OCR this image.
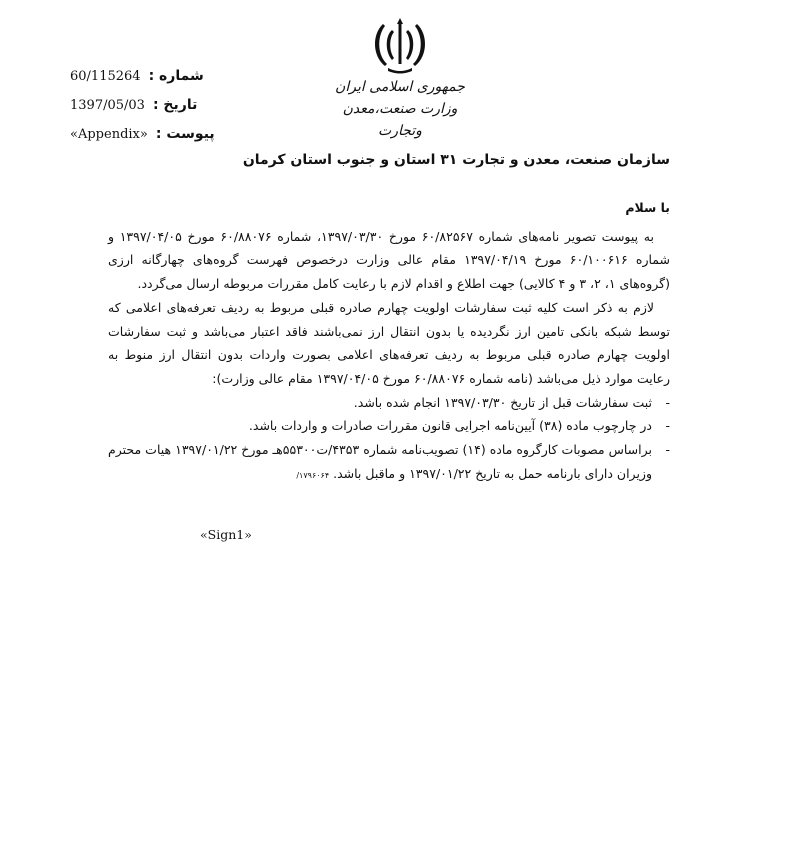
شماره :
60/115264
تاریخ :
1397/05/03
پیوست :
«Appendix»
جمهوری اسلامی ایران
وزارت صنعت،معدن وتجارت
سازمان صنعت، معدن و تجارت ۳۱ استان و جنوب استان کرمان

با سلام

به پیوست تصویر نامه‌های شماره ۶۰/۸۲۵۶۷ مورخ ۱۳۹۷/۰۳/۳۰، شماره ۶۰/۸۸۰۷۶ مورخ ۱۳۹۷/۰۴/۰۵ و شماره ۶۰/۱۰۰۶۱۶ مورخ ۱۳۹۷/۰۴/۱۹ مقام عالی وزارت درخصوص فهرست گروه‌های چهارگانه ارزی (گروه‌های ۱، ۲، ۳ و ۴ کالایی) جهت اطلاع و اقدام لازم با رعایت کامل مقررات مربوطه ارسال می‌گردد.

لازم به ذکر است کلیه ثبت سفارشات اولویت چهارم صادره قبلی مربوط به ردیف تعرفه‌های اعلامی که توسط شبکه بانکی تامین ارز نگردیده یا بدون انتقال ارز نمی‌باشند فاقد اعتبار می‌باشد و ثبت سفارشات اولویت چهارم صادره قبلی مربوط به ردیف تعرفه‌های اعلامی بصورت واردات بدون انتقال ارز منوط به رعایت موارد ذیل می‌باشد (نامه شماره ۶۰/۸۸۰۷۶ مورخ ۱۳۹۷/۰۴/۰۵ مقام عالی وزارت):

- ثبت سفارشات قبل از تاریخ ۱۳۹۷/۰۳/۳۰ انجام شده باشد.
- در چارچوب ماده (۳۸) آیین‌نامه اجرایی قانون مقررات صادرات و واردات باشد.
- براساس مصوبات کارگروه ماده (۱۴) تصویب‌نامه شماره ۴۳۵۳/ت۵۵۳۰۰هـ مورخ ۱۳۹۷/۰۱/۲۲ هیات محترم وزیران دارای بارنامه حمل به تاریخ ۱۳۹۷/۰۱/۲۲ و ماقبل باشد. ۱۷۹۶۰۶۴/
«Sign1»
